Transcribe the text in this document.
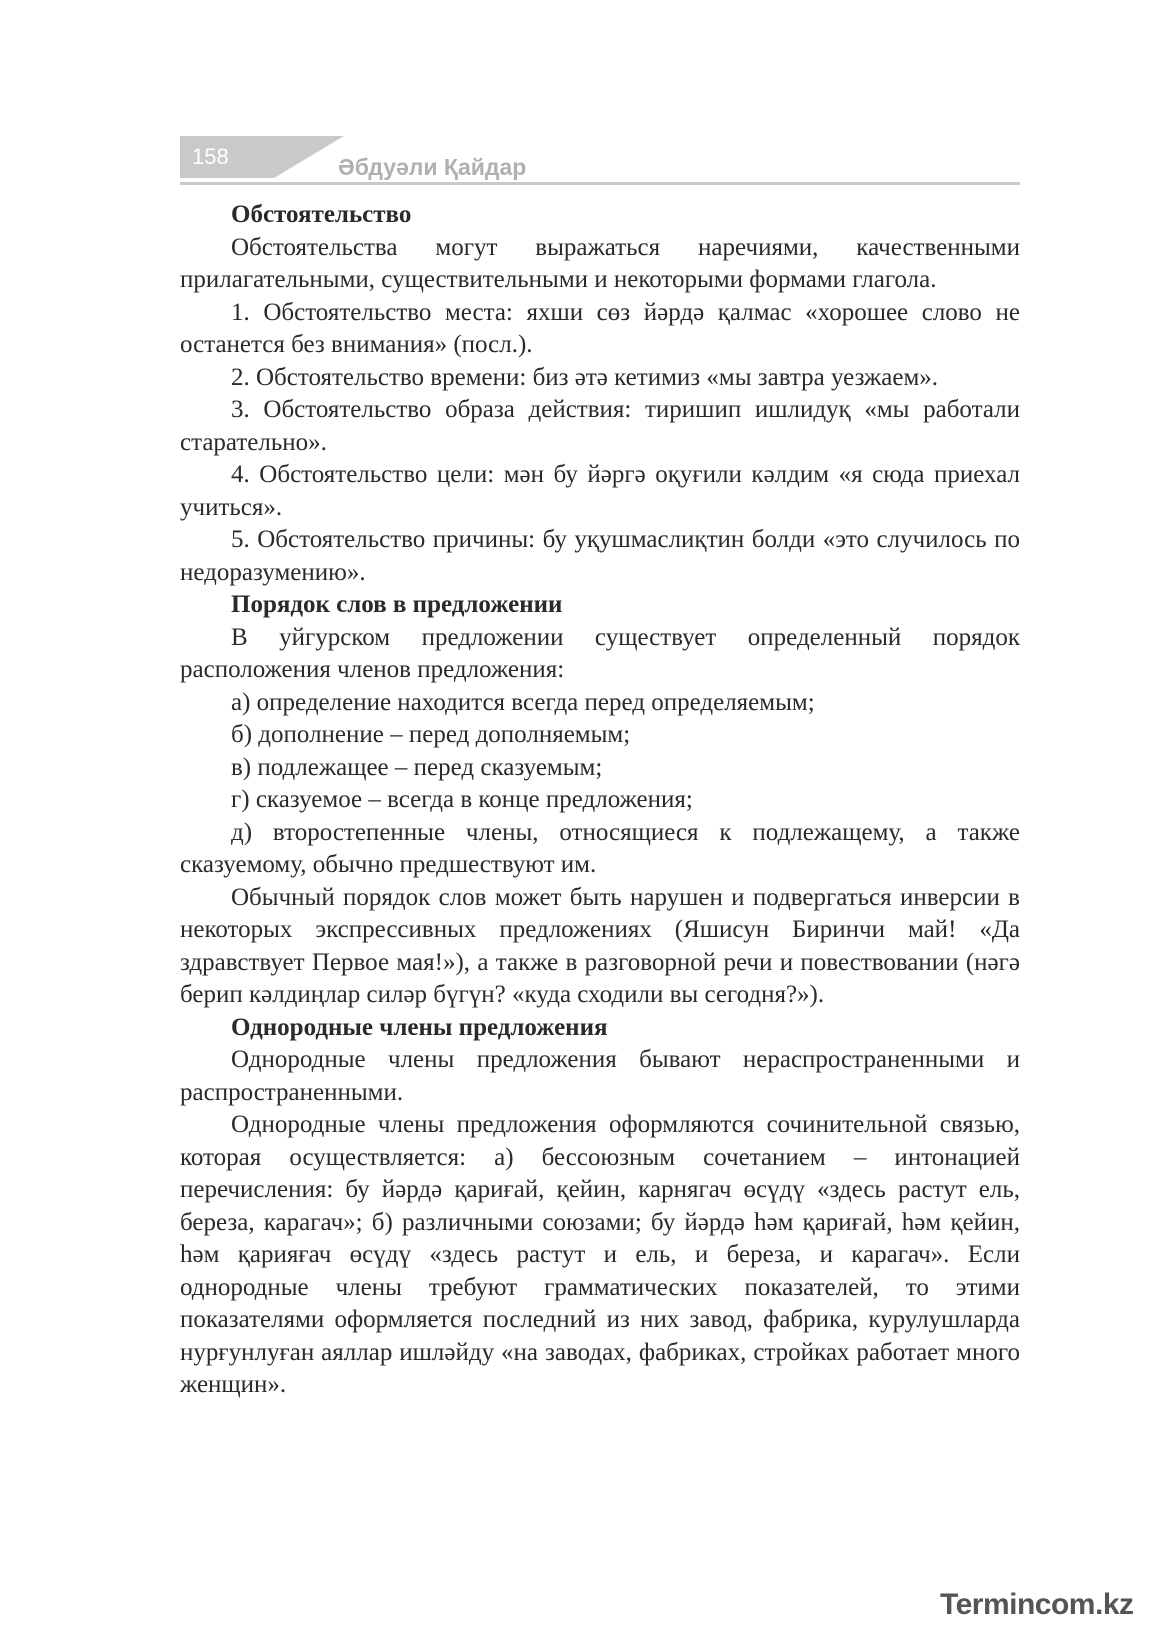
158	Әбдуәли Қайдар

Обстоятельство

Обстоятельства могут выражаться наречиями, качественными прилагательными, существительными и некоторыми формами глагола.

1. Обстоятельство места: яхши сөз йәрдә қалмас «хорошее слово не останется без внимания» (посл.).

2. Обстоятельство времени: биз әтә кетимиз «мы завтра уезжаем».

3. Обстоятельство образа действия: тиришип ишлидуқ «мы работали старательно».

4. Обстоятельство цели: мән бу йәргә оқуғили кәлдим «я сюда приехал учиться».

5. Обстоятельство причины: бу уқушмаслиқтин болди «это случилось по недоразумению».

Порядок слов в предложении

В уйгурском предложении существует определенный порядок расположения членов предложения:

а) определение находится всегда перед определяемым;

б) дополнение – перед дополняемым;

в) подлежащее – перед сказуемым;

г) сказуемое – всегда в конце предложения;

д) второстепенные члены, относящиеся к подлежащему, а также сказуемому, обычно предшествуют им.

Обычный порядок слов может быть нарушен и подвергаться инверсии в некоторых экспрессивных предложениях (Яшисун Биринчи май! «Да здравствует Первое мая!»), а также в разговорной речи и повествовании (нәгә берип кәлдиңлар силәр бүгүн? «куда сходили вы сегодня?»).

Однородные члены предложения

Однородные члены предложения бывают нераспространенными и распространенными.

Однородные члены предложения оформляются сочинительной связью, которая осуществляется: а) бессоюзным сочетанием – интонацией перечисления: бу йәрдә қариғай, қейин, карнягач өсүдү «здесь растут ель, береза, карагач»; б) различными союзами; бу йәрдә һәм қариғай, һәм қейин, һәм қарияғач өсүдү «здесь растут и ель, и береза, и карагач». Если однородные члены требуют грамматических показателей, то этими показателями оформляется последний из них завод, фабрика, курулушларда нурғунлуған аяллар ишләйду «на заводах, фабриках, стройках работает много женщин».

Termincom.kz
